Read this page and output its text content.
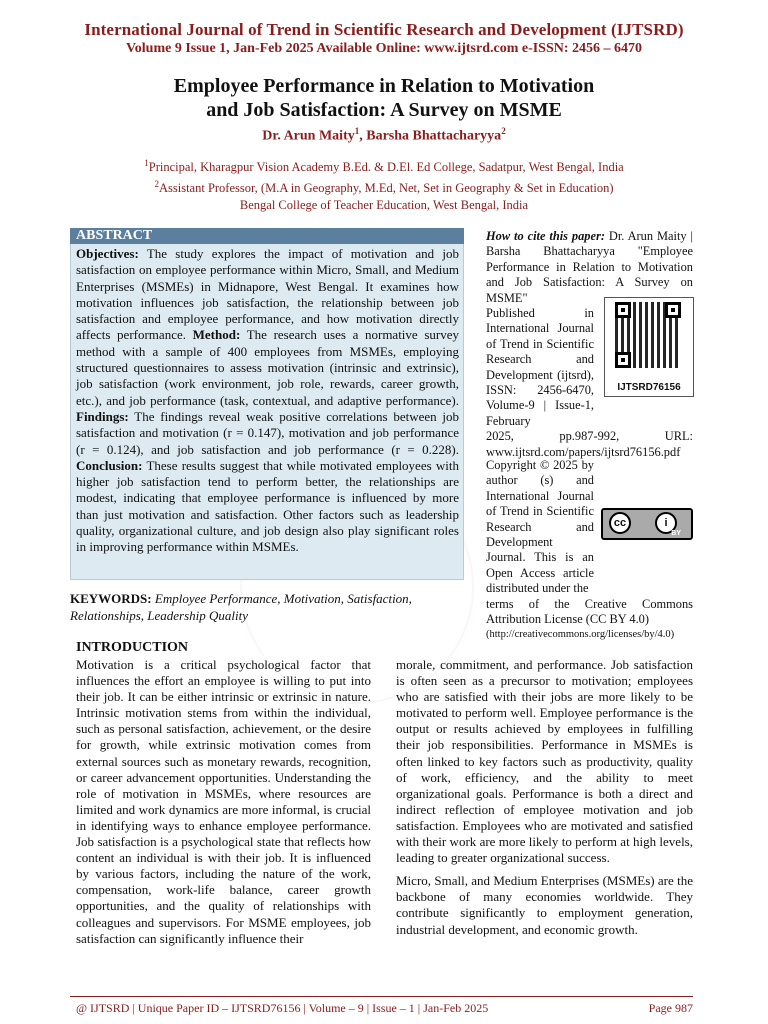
International Journal of Trend in Scientific Research and Development (IJTSRD)
Volume 9 Issue 1, Jan-Feb 2025 Available Online: www.ijtsrd.com e-ISSN: 2456 – 6470
Employee Performance in Relation to Motivation
and Job Satisfaction: A Survey on MSME
Dr. Arun Maity$^1$, Barsha Bhattacharyya$^2$

$^1$Principal, Kharagpur Vision Academy B.Ed. & D.El. Ed College, Sadatpur, West Bengal, India

$^2$Assistant Professor, (M.A in Geography, M.Ed, Net, Set in Geography & Set in Education)

Bengal College of Teacher Education, West Bengal, India

ABSTRACT
Objectives: The study explores the impact of motivation and job satisfaction on employee performance within Micro, Small, and Medium Enterprises (MSMEs) in Midnapore, West Bengal. It examines how motivation influences job satisfaction, the relationship between job satisfaction and employee performance, and how motivation directly affects performance. Method: The research uses a normative survey method with a sample of 400 employees from MSMEs, employing structured questionnaires to assess motivation (intrinsic and extrinsic), job satisfaction (work environment, job role, rewards, career growth, etc.), and job performance (task, contextual, and adaptive performance). Findings: The findings reveal weak positive correlations between job satisfaction and motivation (r = 0.147), motivation and job performance (r = 0.124), and job satisfaction and job performance (r = 0.228). Conclusion: These results suggest that while motivated employees with higher job satisfaction tend to perform better, the relationships are modest, indicating that employee performance is influenced by more than just motivation and satisfaction. Other factors such as leadership quality, organizational culture, and job design also play significant roles in improving performance within MSMEs.
How to cite this paper: Dr. Arun Maity | Barsha Bhattacharyya "Employee Performance in Relation to Motivation and Job Satisfaction: A Survey on MSME"
Published in International Journal of Trend in Scientific Research and Development (ijtsrd), ISSN: 2456-6470, Volume-9 | Issue-1, February
2025, pp.987-992, URL: www.ijtsrd.com/papers/ijtsrd76156.pdf
IJTSRD76156
Copyright © 2025 by author (s) and International Journal of Trend in Scientific Research and Development Journal. This is an Open Access article distributed under the
terms of the Creative Commons Attribution License (CC BY 4.0)
(http://creativecommons.org/licenses/by/4.0)
cc	i
BY
KEYWORDS: Employee Performance, Motivation, Satisfaction, Relationships, Leadership Quality
INTRODUCTION

Motivation is a critical psychological factor that influences the effort an employee is willing to put into their job. It can be either intrinsic or extrinsic in nature. Intrinsic motivation stems from within the individual, such as personal satisfaction, achievement, or the desire for growth, while extrinsic motivation comes from external sources such as monetary rewards, recognition, or career advancement opportunities. Understanding the role of motivation in MSMEs, where resources are limited and work dynamics are more informal, is crucial in identifying ways to enhance employee performance. Job satisfaction is a psychological state that reflects how content an individual is with their job. It is influenced by various factors, including the nature of the work, compensation, work-life balance, career growth opportunities, and the quality of relationships with colleagues and supervisors. For MSME employees, job satisfaction can significantly influence their

morale, commitment, and performance. Job satisfaction is often seen as a precursor to motivation; employees who are satisfied with their jobs are more likely to be motivated to perform well. Employee performance is the output or results achieved by employees in fulfilling their job responsibilities. Performance in MSMEs is often linked to key factors such as productivity, quality of work, efficiency, and the ability to meet organizational goals. Performance is both a direct and indirect reflection of employee motivation and job satisfaction. Employees who are motivated and satisfied with their work are more likely to perform at high levels, leading to greater organizational success.

Micro, Small, and Medium Enterprises (MSMEs) are the backbone of many economies worldwide. They contribute significantly to employment generation, industrial development, and economic growth.

@ IJTSRD | Unique Paper ID – IJTSRD76156 | Volume – 9 | Issue – 1 | Jan-Feb 2025	Page 987
